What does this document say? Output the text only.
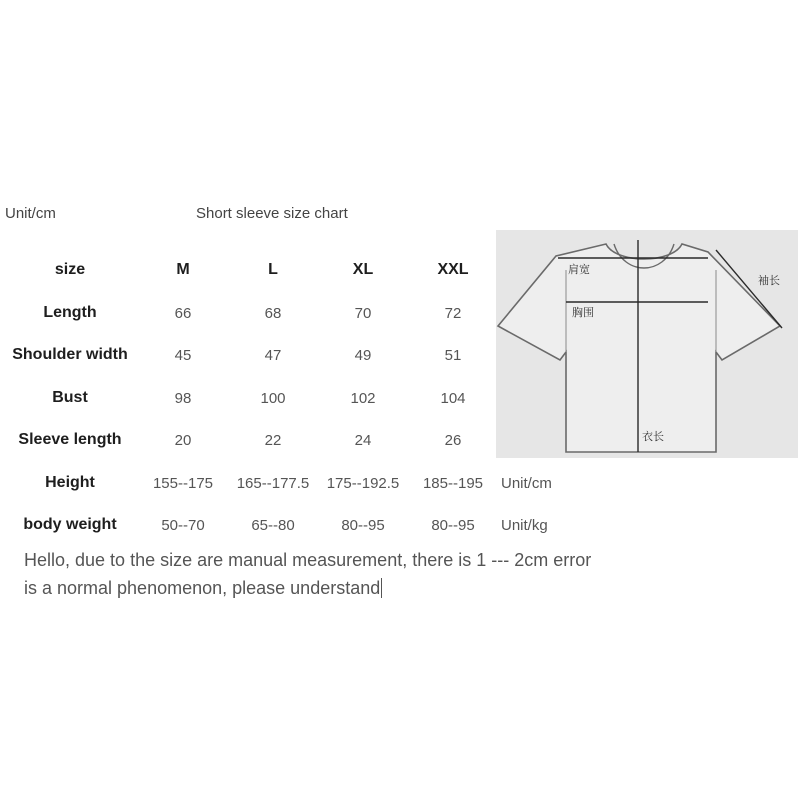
Unit/cm	Short sleeve size chart
size	M	L	XL	XXL
Length	66	68	70	72
Shoulder width	45	47	49	51
Bust	98	100	102	104
Sleeve length	20	22	24	26
Height	155--175	165--177.5	175--192.5	185--195	Unit/cm
body weight	50--70	65--80	80--95	80--95	Unit/kg
Hello, due to the size are manual measurement, there is 1 --- 2cm error
is a normal phenomenon, please understand
肩宽
胸围
衣长
袖长
